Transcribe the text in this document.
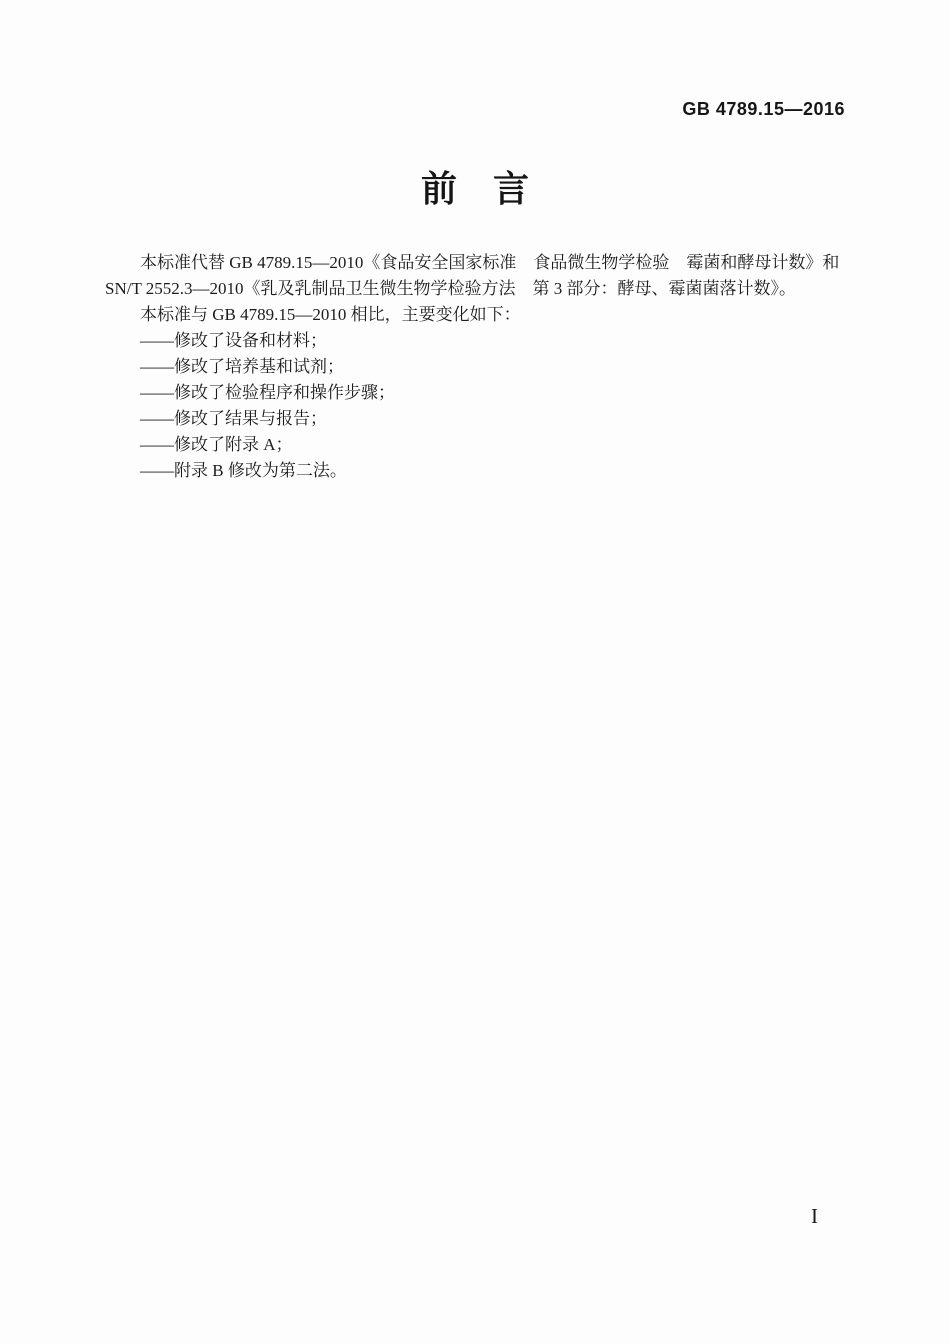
GB 4789.15—2016
前　言

本标准代替 GB 4789.15—2010《食品安全国家标准　食品微生物学检验　霉菌和酵母计数》和

SN/T 2552.3—2010《乳及乳制品卫生微生物学检验方法　第 3 部分：酵母、霉菌菌落计数》。

本标准与 GB 4789.15—2010 相比，主要变化如下：

——修改了设备和材料；

——修改了培养基和试剂；

——修改了检验程序和操作步骤；

——修改了结果与报告；

——修改了附录 A；

——附录 B 修改为第二法。

I
